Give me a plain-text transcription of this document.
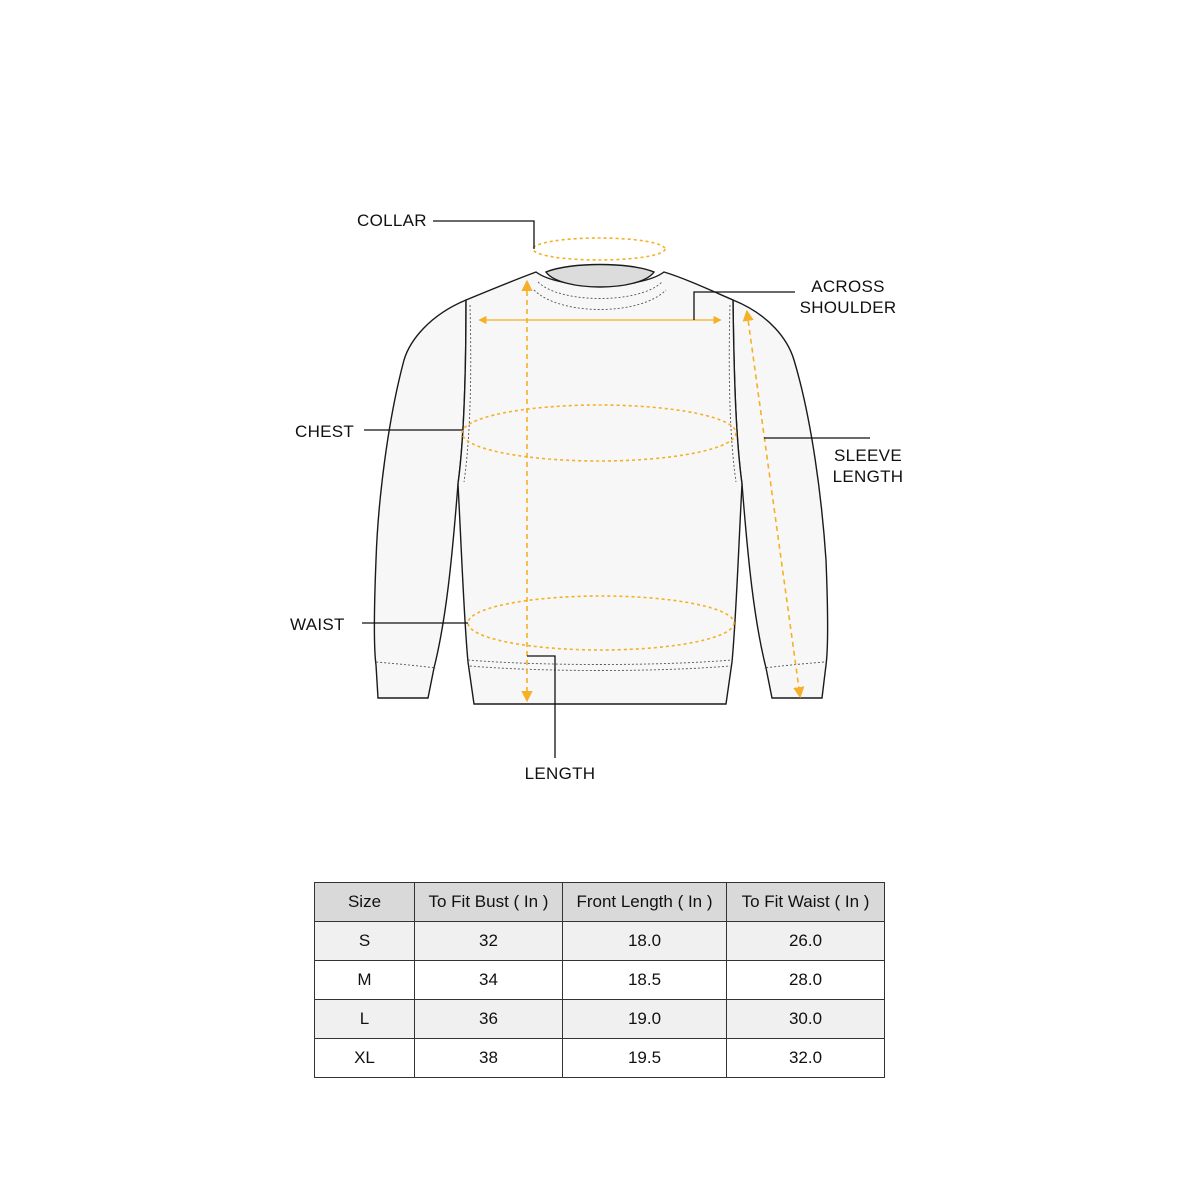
COLLAR
ACROSS
SHOULDER
CHEST
SLEEVE
LENGTH
WAIST
LENGTH
Size	To Fit Bust ( In )	Front Length ( In )	To Fit Waist ( In )
S	32	18.0	26.0
M	34	18.5	28.0
L	36	19.0	30.0
XL	38	19.5	32.0
